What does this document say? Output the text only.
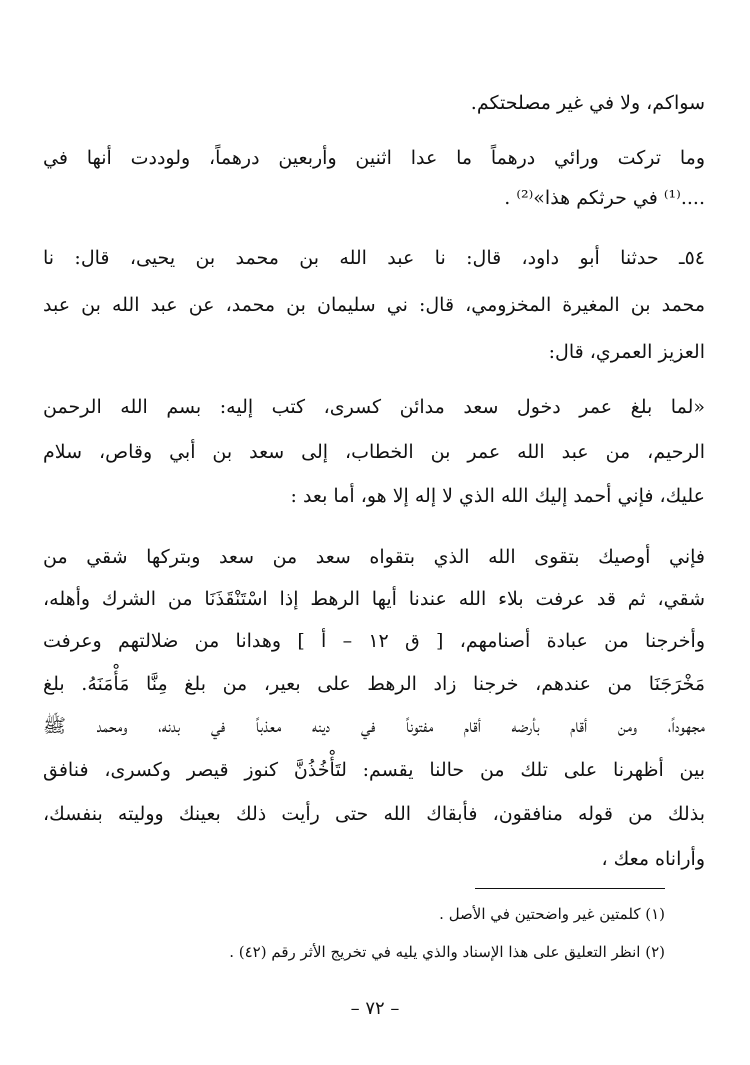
سواكم، ولا في غير مصلحتكم.
وما تركت ورائي درهماً ما عدا اثنين وأربعين درهماً، ولوددت أنها في
....⁽¹⁾ في حرثكم هذا»⁽²⁾ .
٥٤ـ حدثنا أبو داود، قال: نا عبد الله بن محمد بن يحيى، قال: نا
محمد بن المغيرة المخزومي، قال: ني سليمان بن محمد، عن عبد الله بن عبد
العزيز العمري، قال:
«لما بلغ عمر دخول سعد مدائن كسرى، كتب إليه: بسم الله الرحمن
الرحيم، من عبد الله عمر بن الخطاب، إلى سعد بن أبي وقاص، سلام
عليك، فإني أحمد إليك الله الذي لا إله إلا هو، أما بعد :
فإني أوصيك بتقوى الله الذي بتقواه سعد من سعد وبتركها شقي من
شقي، ثم قد عرفت بلاء الله عندنا أيها الرهط إذا اسْتَنْقَذَنَا من الشرك وأهله،
وأخرجنا من عبادة أصنامهم، [ ق ١٢ – أ ] وهدانا من ضلالتهم وعرفت
مَخْرَجَنَا من عندهم، خرجنا زاد الرهط على بعير، من بلغ مِنَّا مَأْمَنَهُ. بلغ
مجهوداً، ومن أقام بأرضه أقام مفتوناً في دينه معذباً في بدنه، ومحمد ﷺ
بين أظهرنا على تلك من حالنا يقسم: لتَأْخُذُنَّ كنوز قيصر وكسرى، فنافق
بذلك من قوله منافقون، فأبقاك الله حتى رأيت ذلك بعينك ووليته بنفسك،
وأراناه معك ،
(١) كلمتين غير واضحتين في الأصل .
(٢) انظر التعليق على هذا الإسناد والذي يليه في تخريج الأثر رقم (٤٢) .
– ٧٢ –
